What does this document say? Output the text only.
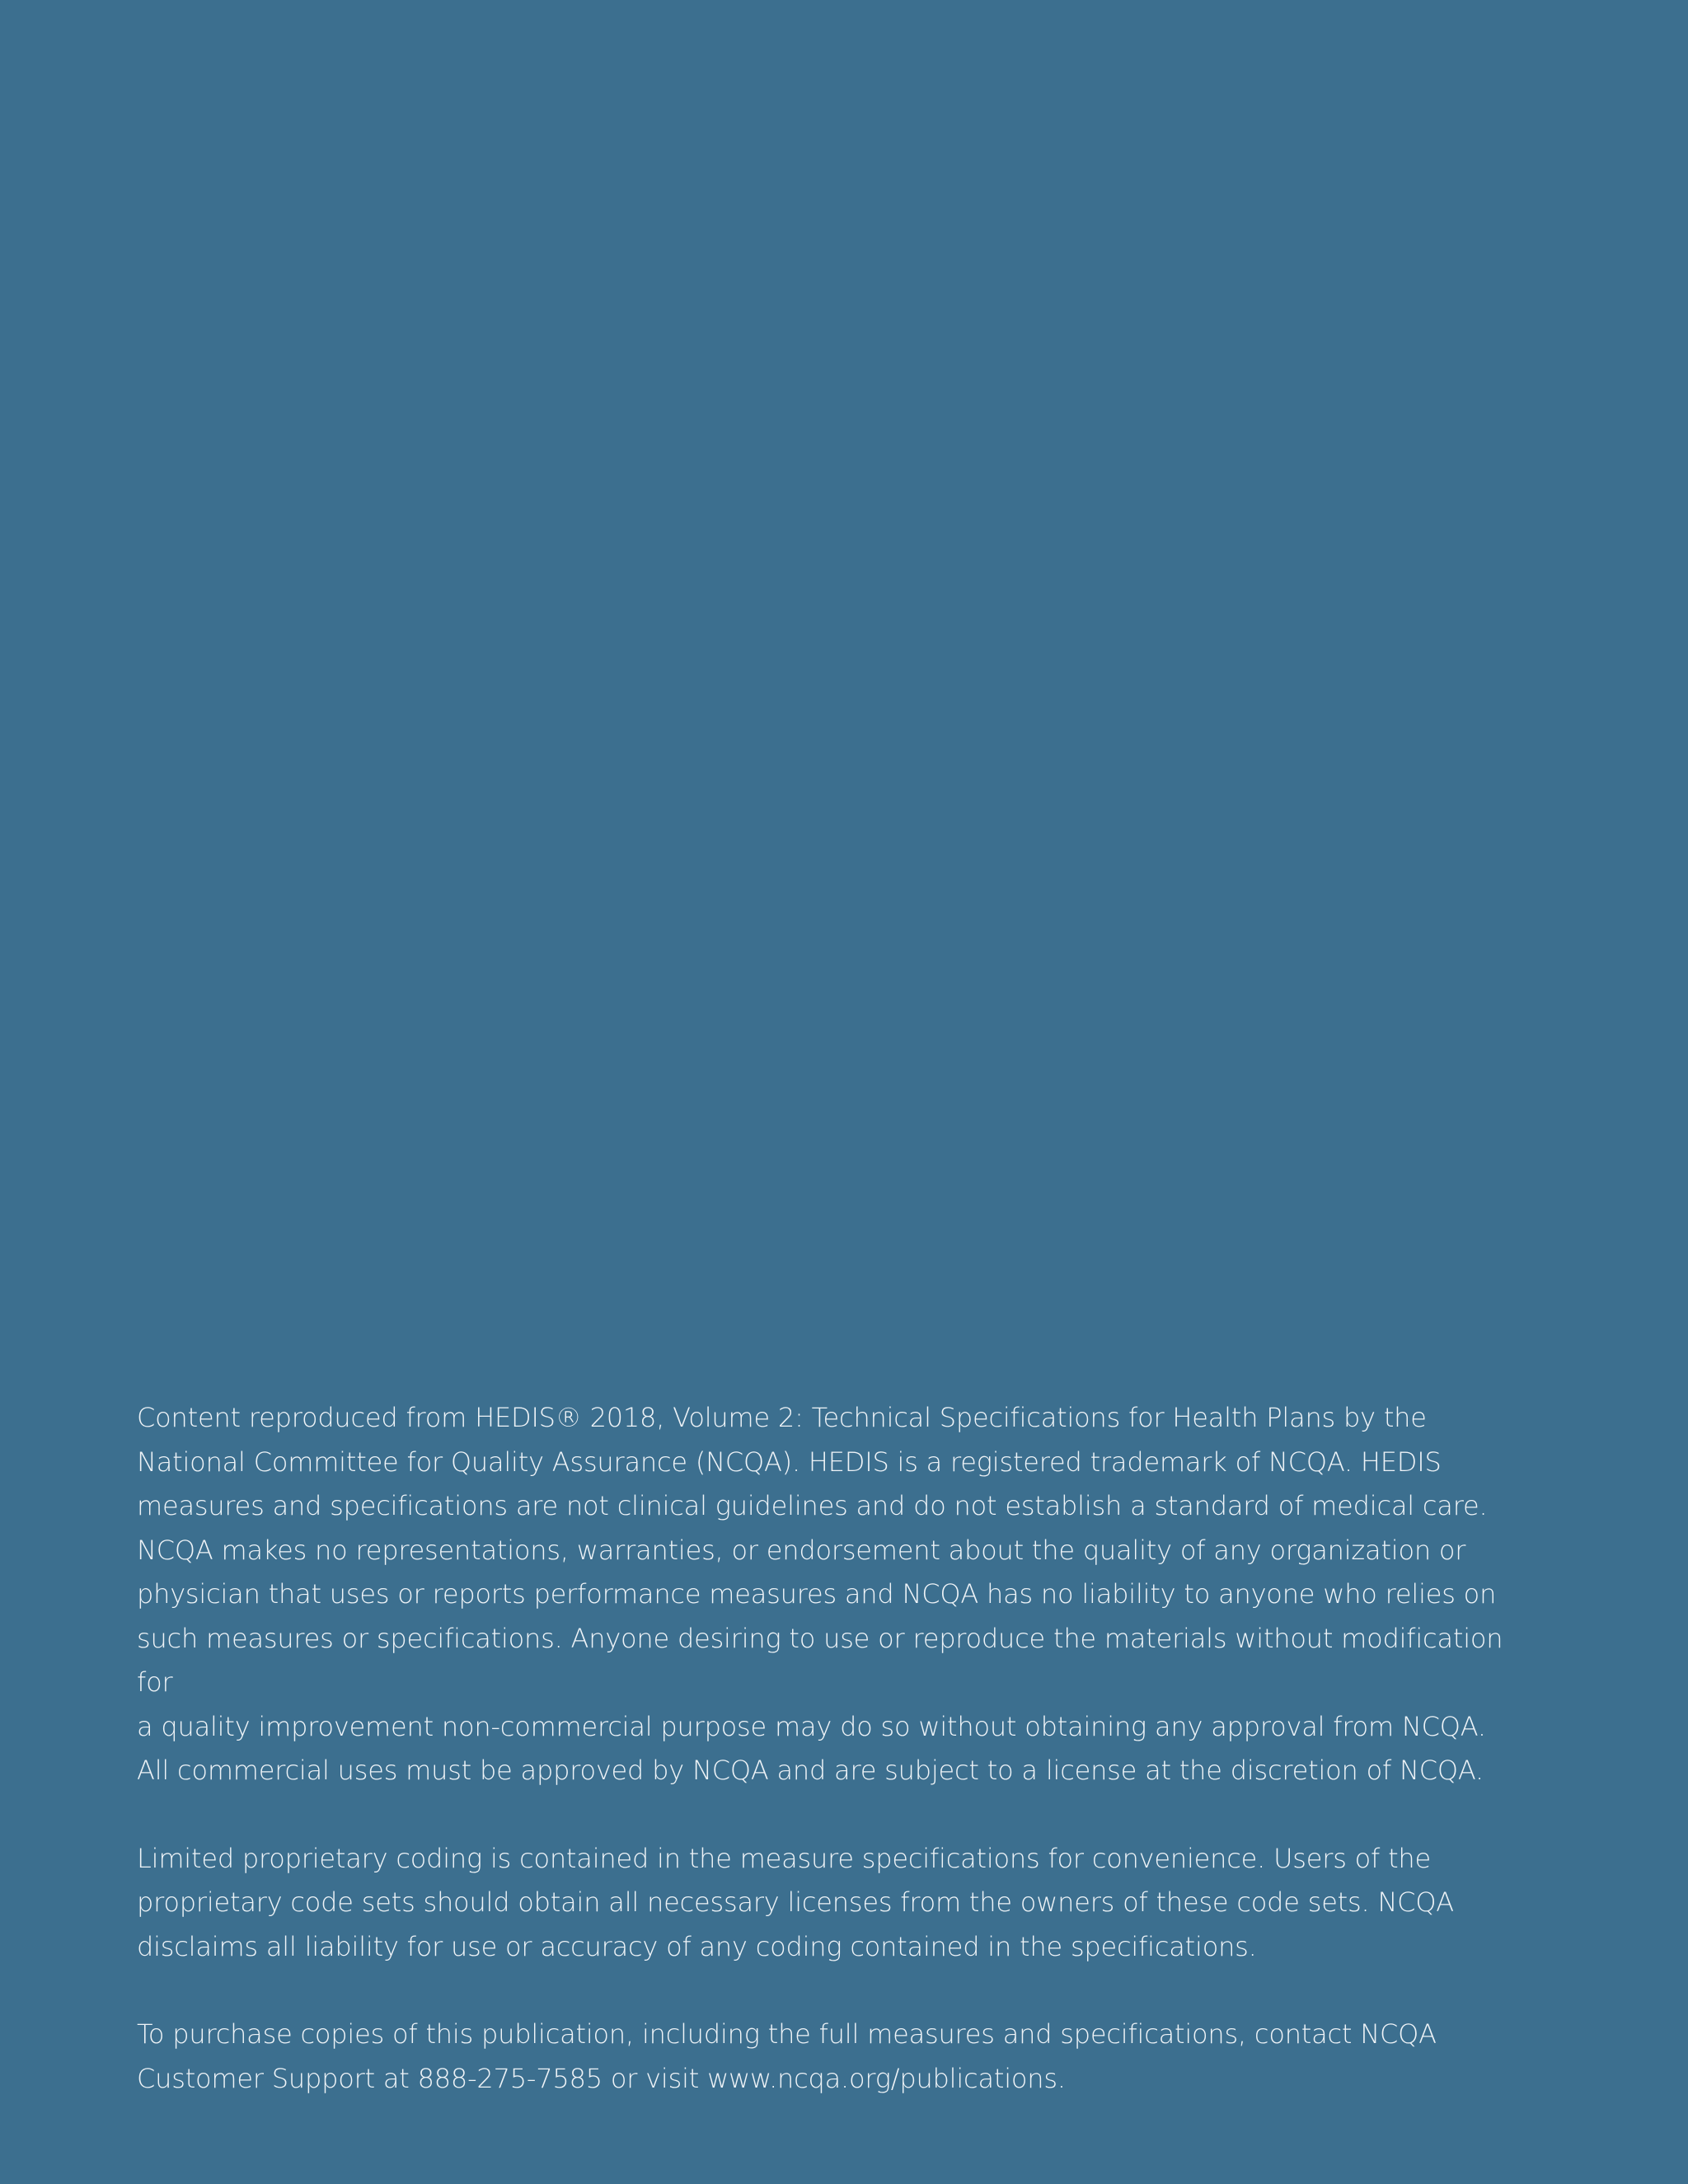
Content reproduced from HEDIS® 2018, Volume 2: Technical Specifications for Health Plans by the
National Committee for Quality Assurance (NCQA). HEDIS is a registered trademark of NCQA. HEDIS
measures and specifications are not clinical guidelines and do not establish a standard of medical care.
NCQA makes no representations, warranties, or endorsement about the quality of any organization or
physician that uses or reports performance measures and NCQA has no liability to anyone who relies on
such measures or specifications. Anyone desiring to use or reproduce the materials without modification for
a quality improvement non-commercial purpose may do so without obtaining any approval from NCQA.
All commercial uses must be approved by NCQA and are subject to a license at the discretion of NCQA.

Limited proprietary coding is contained in the measure specifications for convenience. Users of the
proprietary code sets should obtain all necessary licenses from the owners of these code sets. NCQA
disclaims all liability for use or accuracy of any coding contained in the specifications.

To purchase copies of this publication, including the full measures and specifications, contact NCQA
Customer Support at 888-275-7585 or visit www.ncqa.org/publications.
